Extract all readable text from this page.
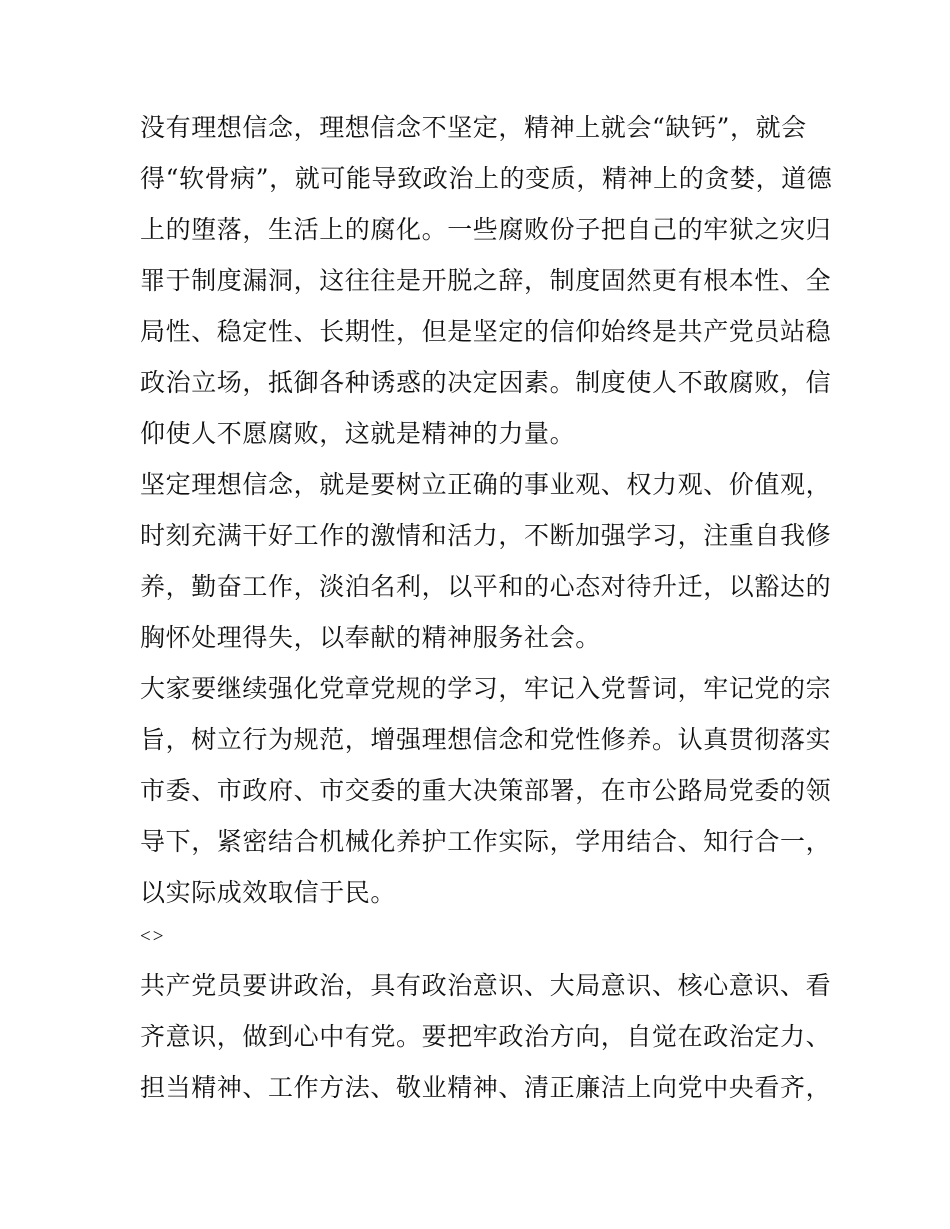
没有理想信念，理想信念不坚定，精神上就会“缺钙”，就会
得“软骨病”，就可能导致政治上的变质，精神上的贪婪，道德
上的堕落，生活上的腐化。一些腐败份子把自己的牢狱之灾归
罪于制度漏洞，这往往是开脱之辞，制度固然更有根本性、全
局性、稳定性、长期性，但是坚定的信仰始终是共产党员站稳
政治立场，抵御各种诱惑的决定因素。制度使人不敢腐败，信
仰使人不愿腐败，这就是精神的力量。
坚定理想信念，就是要树立正确的事业观、权力观、价值观，
时刻充满干好工作的激情和活力，不断加强学习，注重自我修
养，勤奋工作，淡泊名利，以平和的心态对待升迁，以豁达的
胸怀处理得失，以奉献的精神服务社会。
大家要继续强化党章党规的学习，牢记入党誓词，牢记党的宗
旨，树立行为规范，增强理想信念和党性修养。认真贯彻落实
市委、市政府、市交委的重大决策部署，在市公路局党委的领
导下，紧密结合机械化养护工作实际，学用结合、知行合一，
以实际成效取信于民。
<>
共产党员要讲政治，具有政治意识、大局意识、核心意识、看
齐意识，做到心中有党。要把牢政治方向，自觉在政治定力、
担当精神、工作方法、敬业精神、清正廉洁上向党中央看齐，
